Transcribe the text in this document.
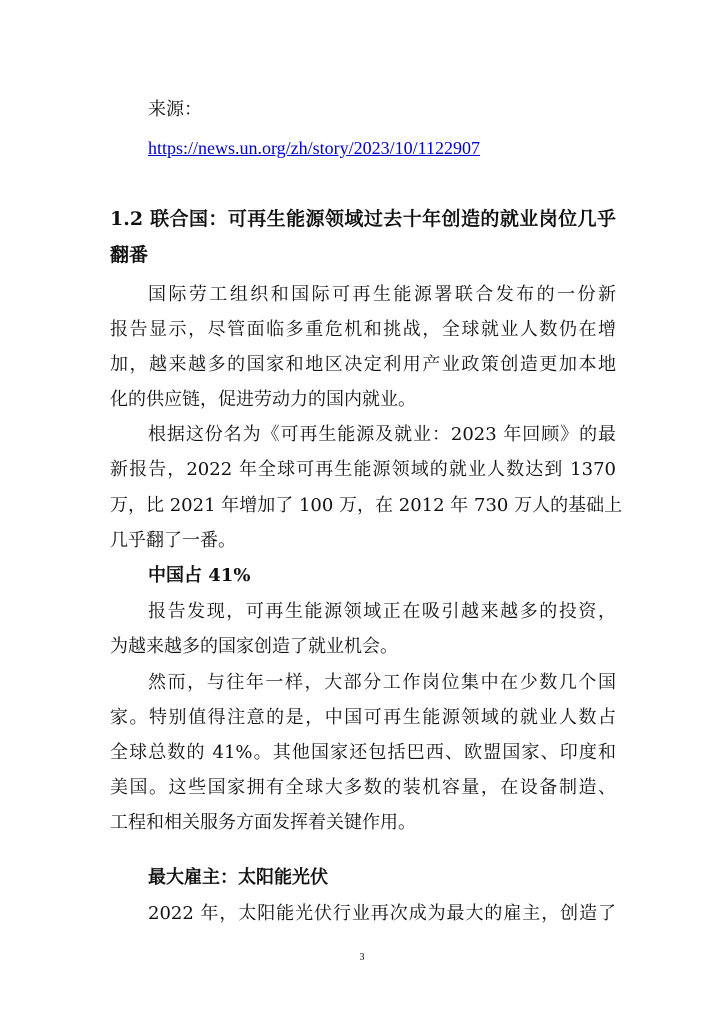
来源：
https://news.un.org/zh/story/2023/10/1122907
1.2 联合国：可再生能源领域过去十年创造的就业岗位几乎
翻番
国际劳工组织和国际可再生能源署联合发布的一份新
报告显示，尽管面临多重危机和挑战，全球就业人数仍在增
加，越来越多的国家和地区决定利用产业政策创造更加本地
化的供应链，促进劳动力的国内就业。
根据这份名为《可再生能源及就业：2023 年回顾》的最
新报告，2022 年全球可再生能源领域的就业人数达到 1370
万，比 2021 年增加了 100 万，在 2012 年 730 万人的基础上
几乎翻了一番。
中国占 41%
报告发现，可再生能源领域正在吸引越来越多的投资，
为越来越多的国家创造了就业机会。
然而，与往年一样，大部分工作岗位集中在少数几个国
家。特别值得注意的是，中国可再生能源领域的就业人数占
全球总数的 41%。其他国家还包括巴西、欧盟国家、印度和
美国。这些国家拥有全球大多数的装机容量，在设备制造、
工程和相关服务方面发挥着关键作用。
最大雇主：太阳能光伏
2022 年，太阳能光伏行业再次成为最大的雇主，创造了
3
